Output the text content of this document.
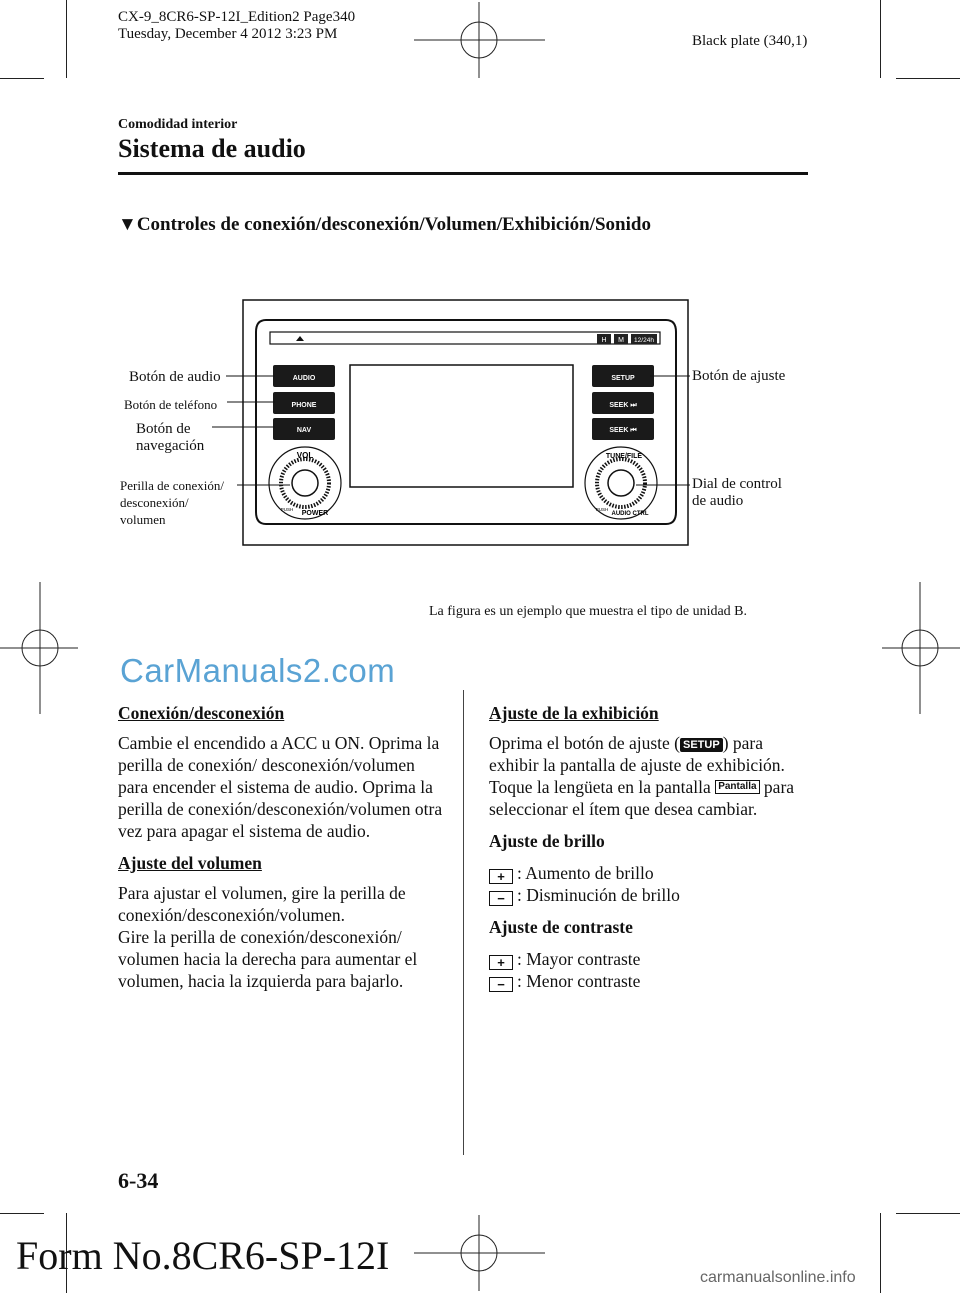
CX-9_8CR6-SP-12I_Edition2 Page340
Tuesday, December 4 2012 3:23 PM	Black plate (340,1)
Comodidad interior
Sistema de audio
▼Controles de conexión/desconexión/Volumen/Exhibición/Sonido
H M 12/24h
AUDIO
PHONE
NAV
SETUP
SEEK ⏭
SEEK ⏮
VOL
POWER
PUSH
TUNE/FILE
AUDIO CTRL
PUSH
Botón de audio
Botón de teléfono
Botón de
navegación
Perilla de conexión/
desconexión/
volumen
Botón de ajuste
Dial de control
de audio
La figura es un ejemplo que muestra el tipo de unidad B.
CarManuals2.com

Conexión/desconexión

Cambie el encendido a ACC u ON. Oprima la perilla de conexión/ desconexión/volumen para encender el sistema de audio. Oprima la perilla de conexión/desconexión/volumen otra vez para apagar el sistema de audio.

Ajuste del volumen

Para ajustar el volumen, gire la perilla de conexión/desconexión/volumen.

Gire la perilla de conexión/desconexión/ volumen hacia la derecha para aumentar el volumen, hacia la izquierda para bajarlo.

Ajuste de la exhibición

Oprima el botón de ajuste ( SETUP ) para exhibir la pantalla de ajuste de exhibición. Toque la lengüeta en la pantalla Pantalla para seleccionar el ítem que desea cambiar.

Ajuste de brillo

+ : Aumento de brillo
− : Disminución de brillo

Ajuste de contraste

+ : Mayor contraste
− : Menor contraste
6-34
Form No.8CR6-SP-12I	carmanualsonline.info
